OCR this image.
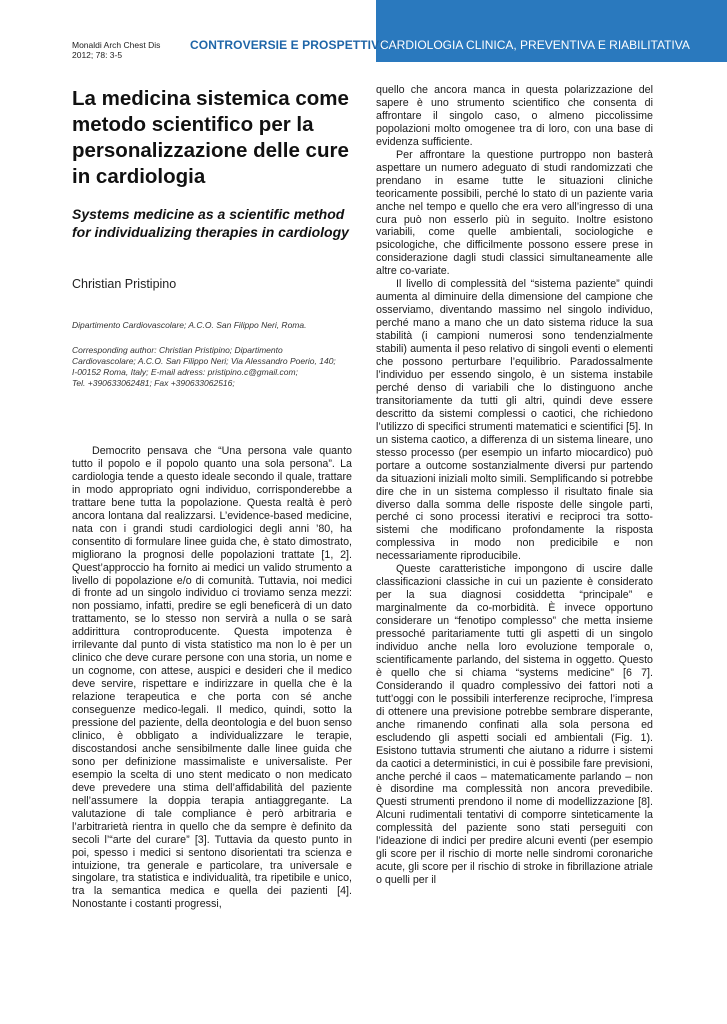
Monaldi Arch Chest Dis
2012; 78: 3-5
CONTROVERSIE E PROSPETTIVE IN
CARDIOLOGIA CLINICA, PREVENTIVA E RIABILITATIVA
La medicina sistemica come metodo scientifico per la personalizzazione delle cure in cardiologia
Systems medicine as a scientific method for individualizing therapies in cardiology
Christian Pristipino
Dipartimento Cardiovascolare; A.C.O. San Filippo Neri, Roma.
Corresponding author: Christian Pristipino; Dipartimento
Cardiovascolare; A.C.O. San Filippo Neri; Via Alessandro Poerio, 140;
I-00152 Roma, Italy; E-mail adress: pristipino.c@gmail.com;
Tel. +390633062481; Fax +390633062516;

Democrito pensava che “Una persona vale quanto tutto il popolo e il popolo quanto una sola persona”. La cardiologia tende a questo ideale secondo il quale, trattare in modo appropriato ogni individuo, corrisponderebbe a trattare bene tutta la popolazione. Questa realtà è però ancora lontana dal realizzarsi. L’evidence-based medicine, nata con i grandi studi cardiologici degli anni ’80, ha consentito di formulare linee guida che, è stato dimostrato, migliorano la prognosi delle popolazioni trattate [1, 2]. Quest’approccio ha fornito ai medici un valido strumento a livello di popolazione e/o di comunità. Tuttavia, noi medici di fronte ad un singolo individuo ci troviamo senza mezzi: non possiamo, infatti, predire se egli beneficerà di un dato trattamento, se lo stesso non servirà a nulla o se sarà addirittura controproducente. Questa impotenza è irrilevante dal punto di vista statistico ma non lo è per un clinico che deve curare persone con una storia, un nome e un cognome, con attese, auspici e desideri che il medico deve servire, rispettare e indirizzare in quella che è la relazione terapeutica e che porta con sé anche conseguenze medico-legali. Il medico, quindi, sotto la pressione del paziente, della deontologia e del buon senso clinico, è obbligato a individualizzare le terapie, discostandosi anche sensibilmente dalle linee guida che sono per definizione massimaliste e universaliste. Per esempio la scelta di uno stent medicato o non medicato deve prevedere una stima dell’affidabilità del paziente nell’assumere la doppia terapia antiaggregante. La valutazione di tale compliance è però arbitraria e l’arbitrarietà rientra in quello che da sempre è definito da secoli l’“arte del curare” [3]. Tuttavia da questo punto in poi, spesso i medici si sentono disorientati tra scienza e intuizione, tra generale e particolare, tra universale e singolare, tra statistica e individualità, tra ripetibile e unico, tra la semantica medica e quella dei pazienti [4]. Nonostante i costanti progressi,

quello che ancora manca in questa polarizzazione del sapere è uno strumento scientifico che consenta di affrontare il singolo caso, o almeno piccolissime popolazioni molto omogenee tra di loro, con una base di evidenza sufficiente.

Per affrontare la questione purtroppo non basterà aspettare un numero adeguato di studi randomizzati che prendano in esame tutte le situazioni cliniche teoricamente possibili, perché lo stato di un paziente varia anche nel tempo e quello che era vero all’ingresso di una cura può non esserlo più in seguito. Inoltre esistono variabili, come quelle ambientali, sociologiche e psicologiche, che difficilmente possono essere prese in considerazione dagli studi classici simultaneamente alle altre co-variate.

Il livello di complessità del “sistema paziente” quindi aumenta al diminuire della dimensione del campione che osserviamo, diventando massimo nel singolo individuo, perché mano a mano che un dato sistema riduce la sua stabilità (i campioni numerosi sono tendenzialmente stabili) aumenta il peso relativo di singoli eventi o elementi che possono perturbare l’equilibrio. Paradossalmente l’individuo per essendo singolo, è un sistema instabile perché denso di variabili che lo distinguono anche transitoriamente da tutti gli altri, quindi deve essere descritto da sistemi complessi o caotici, che richiedono l’utilizzo di specifici strumenti matematici e scientifici [5]. In un sistema caotico, a differenza di un sistema lineare, uno stesso processo (per esempio un infarto miocardico) può portare a outcome sostanzialmente diversi pur partendo da situazioni iniziali molto simili. Semplificando si potrebbe dire che in un sistema complesso il risultato finale sia diverso dalla somma delle risposte delle singole parti, perché ci sono processi iterativi e reciproci tra sotto-sistemi che modificano profondamente la risposta complessiva in modo non predicibile e non necessariamente riproducibile.

Queste caratteristiche impongono di uscire dalle classificazioni classiche in cui un paziente è considerato per la sua diagnosi cosiddetta “principale” e marginalmente da co-morbidità. È invece opportuno considerare un “fenotipo complesso” che metta insieme pressoché paritariamente tutti gli aspetti di un singolo individuo anche nella loro evoluzione temporale o, scientificamente parlando, del sistema in oggetto. Questo è quello che si chiama “systems medicine” [6 7]. Considerando il quadro complessivo dei fattori noti a tutt’oggi con le possibili interferenze reciproche, l’impresa di ottenere una previsione potrebbe sembrare disperante, anche rimanendo confinati alla sola persona ed escludendo gli aspetti sociali ed ambientali (Fig. 1). Esistono tuttavia strumenti che aiutano a ridurre i sistemi da caotici a deterministici, in cui è possibile fare previsioni, anche perché il caos – matematicamente parlando – non è disordine ma complessità non ancora prevedibile. Questi strumenti prendono il nome di modellizzazione [8]. Alcuni rudimentali tentativi di comporre sinteticamente la complessità del paziente sono stati perseguiti con l’ideazione di indici per predire alcuni eventi (per esempio gli score per il rischio di morte nelle sindromi coronariche acute, gli score per il rischio di stroke in fibrillazione atriale o quelli per il
